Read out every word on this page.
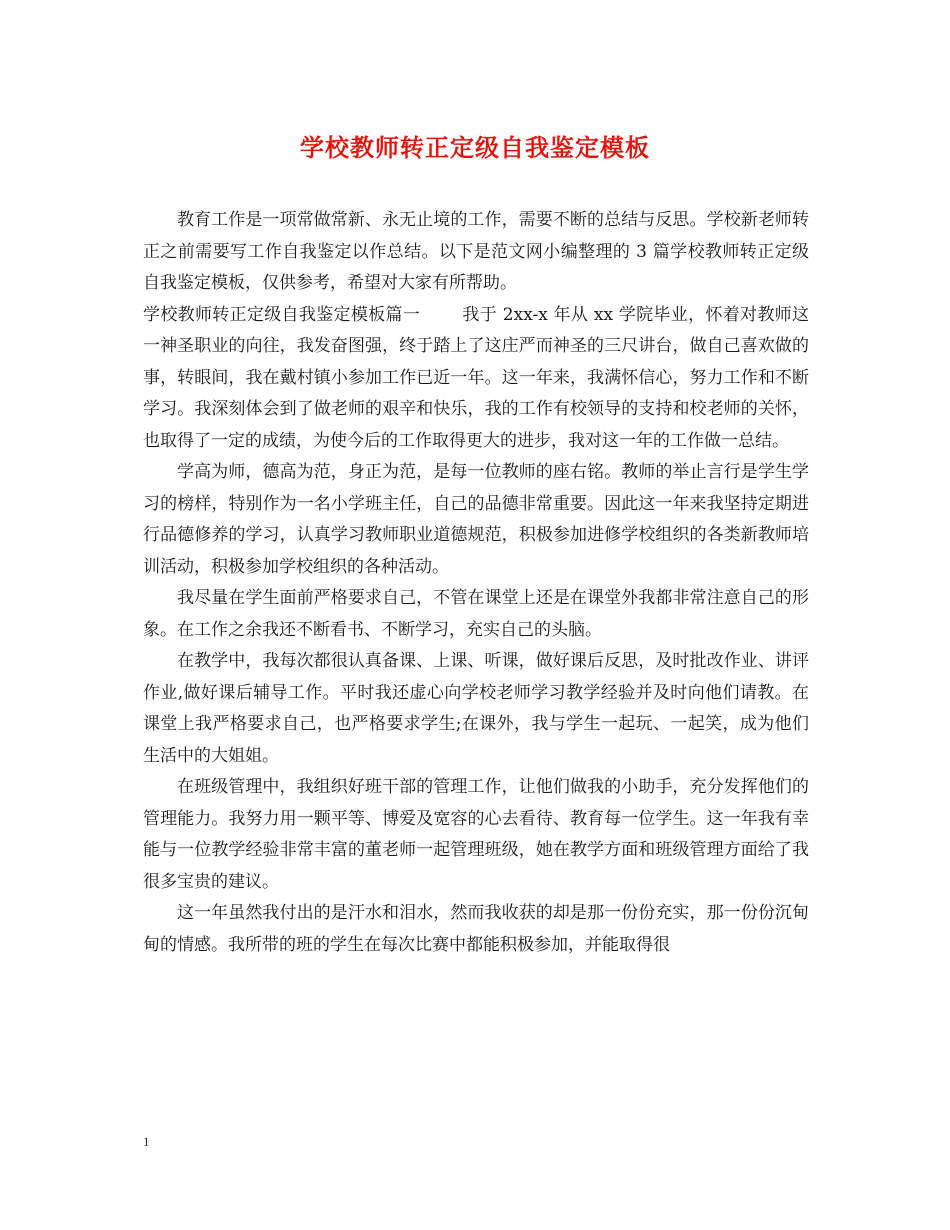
学校教师转正定级自我鉴定模板

教育工作是一项常做常新、永无止境的工作，需要不断的总结与反思。学校新老师转正之前需要写工作自我鉴定以作总结。以下是范文网小编整理的 3 篇学校教师转正定级自我鉴定模板，仅供参考，希望对大家有所帮助。

学校教师转正定级自我鉴定模板篇一 我于 2xx-x 年从 xx 学院毕业，怀着对教师这一神圣职业的向往，我发奋图强，终于踏上了这庄严而神圣的三尺讲台，做自己喜欢做的事，转眼间，我在戴村镇小参加工作已近一年。这一年来，我满怀信心，努力工作和不断学习。我深刻体会到了做老师的艰辛和快乐，我的工作有校领导的支持和校老师的关怀，也取得了一定的成绩，为使今后的工作取得更大的进步，我对这一年的工作做一总结。

学高为师，德高为范，身正为范，是每一位教师的座右铭。教师的举止言行是学生学习的榜样，特别作为一名小学班主任，自己的品德非常重要。因此这一年来我坚持定期进行品德修养的学习，认真学习教师职业道德规范，积极参加进修学校组织的各类新教师培训活动，积极参加学校组织的各种活动。

我尽量在学生面前严格要求自己，不管在课堂上还是在课堂外我都非常注意自己的形象。在工作之余我还不断看书、不断学习，充实自己的头脑。

在教学中，我每次都很认真备课、上课、听课，做好课后反思，及时批改作业、讲评作业,做好课后辅导工作。平时我还虚心向学校老师学习教学经验并及时向他们请教。在课堂上我严格要求自己，也严格要求学生;在课外，我与学生一起玩、一起笑，成为他们生活中的大姐姐。

在班级管理中，我组织好班干部的管理工作，让他们做我的小助手，充分发挥他们的管理能力。我努力用一颗平等、博爱及宽容的心去看待、教育每一位学生。这一年我有幸能与一位教学经验非常丰富的董老师一起管理班级，她在教学方面和班级管理方面给了我很多宝贵的建议。

这一年虽然我付出的是汗水和泪水，然而我收获的却是那一份份充实，那一份份沉甸甸的情感。我所带的班的学生在每次比赛中都能积极参加，并能取得很

1
